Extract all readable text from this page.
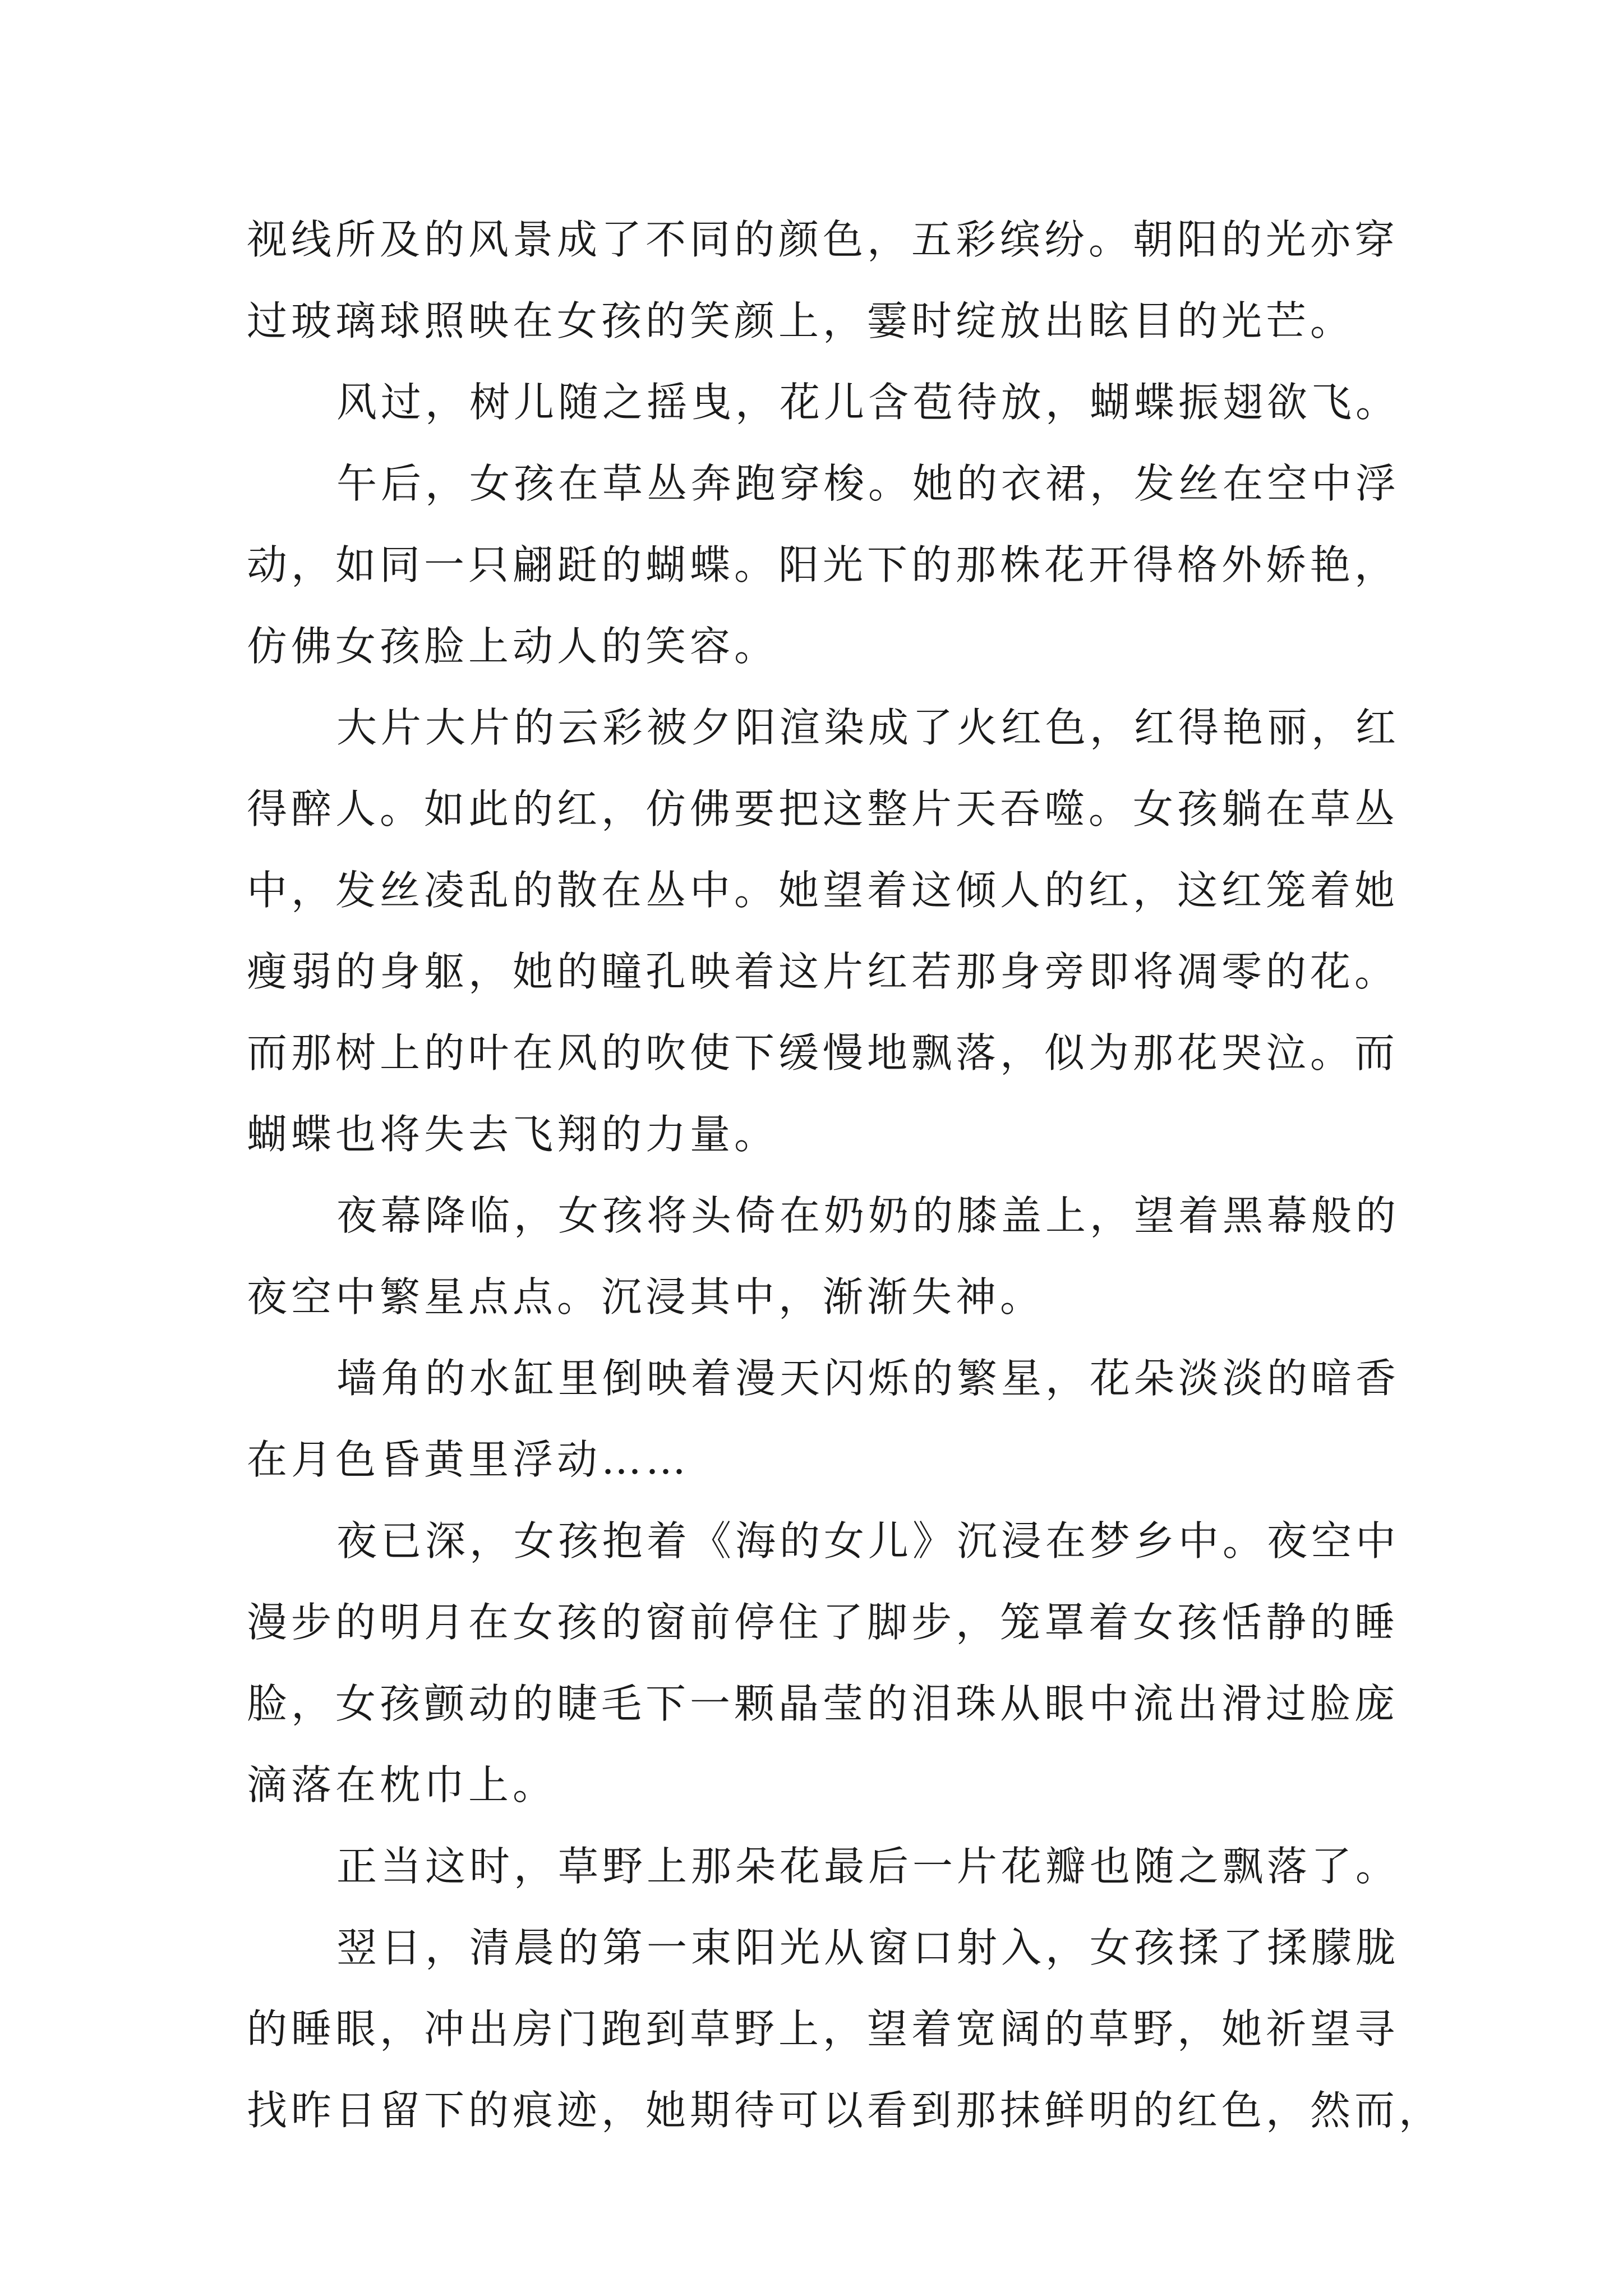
视线所及的风景成了不同的颜色，五彩缤纷。朝阳的光亦穿
过玻璃球照映在女孩的笑颜上，霎时绽放出眩目的光芒。
风过，树儿随之摇曳，花儿含苞待放，蝴蝶振翅欲飞。
午后，女孩在草丛奔跑穿梭。她的衣裙，发丝在空中浮
动，如同一只翩跹的蝴蝶。阳光下的那株花开得格外娇艳，
仿佛女孩脸上动人的笑容。
大片大片的云彩被夕阳渲染成了火红色，红得艳丽，红
得醉人。如此的红，仿佛要把这整片天吞噬。女孩躺在草丛
中，发丝凌乱的散在丛中。她望着这倾人的红，这红笼着她
瘦弱的身躯，她的瞳孔映着这片红若那身旁即将凋零的花。
而那树上的叶在风的吹使下缓慢地飘落，似为那花哭泣。而
蝴蝶也将失去飞翔的力量。
夜幕降临，女孩将头倚在奶奶的膝盖上，望着黑幕般的
夜空中繁星点点。沉浸其中，渐渐失神。
墙角的水缸里倒映着漫天闪烁的繁星，花朵淡淡的暗香
在月色昏黄里浮动……
夜已深，女孩抱着《海的女儿》沉浸在梦乡中。夜空中
漫步的明月在女孩的窗前停住了脚步，笼罩着女孩恬静的睡
脸，女孩颤动的睫毛下一颗晶莹的泪珠从眼中流出滑过脸庞
滴落在枕巾上。
正当这时，草野上那朵花最后一片花瓣也随之飘落了。
翌日，清晨的第一束阳光从窗口射入，女孩揉了揉朦胧
的睡眼，冲出房门跑到草野上，望着宽阔的草野，她祈望寻
找昨日留下的痕迹，她期待可以看到那抹鲜明的红色，然而，
